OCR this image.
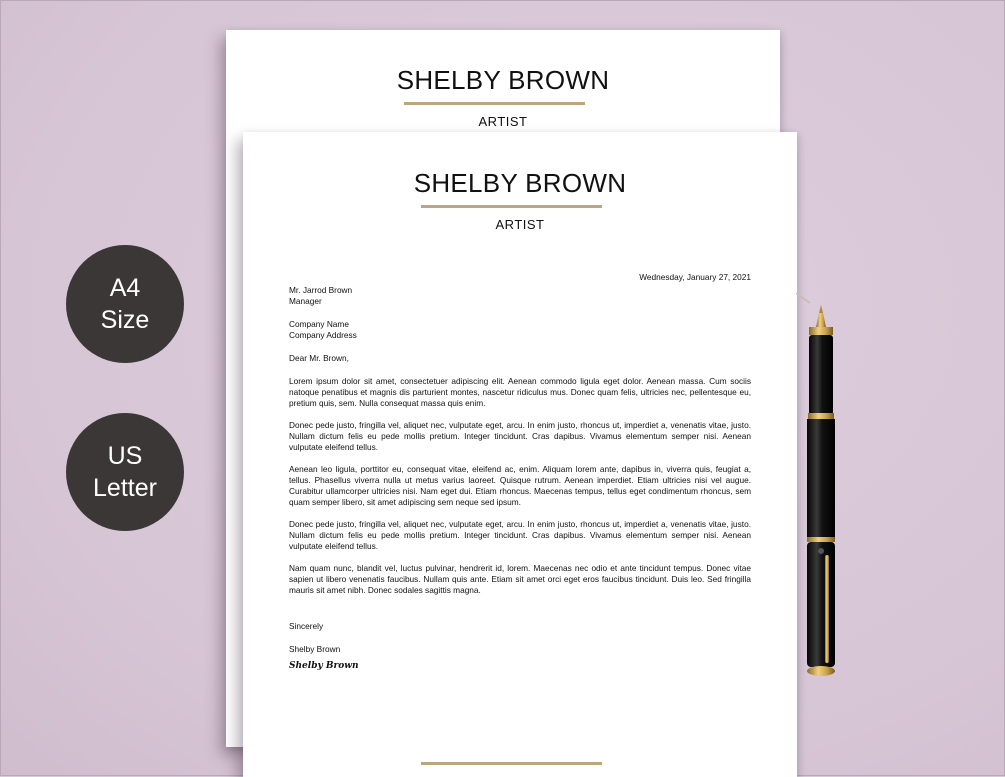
SHELBY BROWN
ARTIST
SHELBY BROWN
ARTIST
Wednesday, January 27, 2021
Mr. Jarrod Brown
Manager
Company Name
Company Address
Dear Mr. Brown,
Lorem ipsum dolor sit amet, consectetuer adipiscing elit. Aenean commodo ligula eget dolor. Aenean massa. Cum sociis natoque penatibus et magnis dis parturient montes, nascetur ridiculus mus. Donec quam felis, ultricies nec, pellentesque eu, pretium quis, sem. Nulla consequat massa quis enim.
Donec pede justo, fringilla vel, aliquet nec, vulputate eget, arcu. In enim justo, rhoncus ut, imperdiet a, venenatis vitae, justo. Nullam dictum felis eu pede mollis pretium. Integer tincidunt. Cras dapibus. Vivamus elementum semper nisi. Aenean vulputate eleifend tellus.
Aenean leo ligula, porttitor eu, consequat vitae, eleifend ac, enim. Aliquam lorem ante, dapibus in, viverra quis, feugiat a, tellus. Phasellus viverra nulla ut metus varius laoreet. Quisque rutrum. Aenean imperdiet. Etiam ultricies nisi vel augue. Curabitur ullamcorper ultricies nisi. Nam eget dui. Etiam rhoncus. Maecenas tempus, tellus eget condimentum rhoncus, sem quam semper libero, sit amet adipiscing sem neque sed ipsum.
Donec pede justo, fringilla vel, aliquet nec, vulputate eget, arcu. In enim justo, rhoncus ut, imperdiet a, venenatis vitae, justo. Nullam dictum felis eu pede mollis pretium. Integer tincidunt. Cras dapibus. Vivamus elementum semper nisi. Aenean vulputate eleifend tellus.
Nam quam nunc, blandit vel, luctus pulvinar, hendrerit id, lorem. Maecenas nec odio et ante tincidunt tempus. Donec vitae sapien ut libero venenatis faucibus. Nullam quis ante. Etiam sit amet orci eget eros faucibus tincidunt. Duis leo. Sed fringilla mauris sit amet nibh. Donec sodales sagittis magna.
Sincerely
Shelby Brown
Shelby Brown
A4
Size
US
Letter
